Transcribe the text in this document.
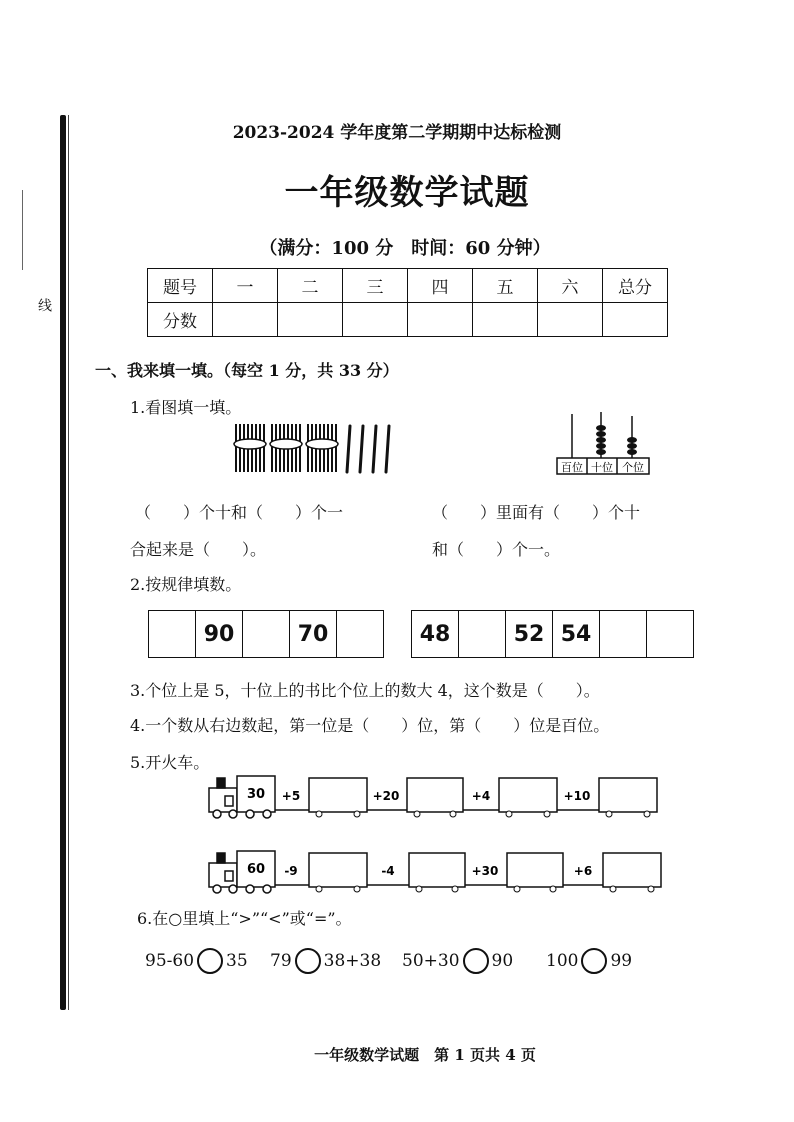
线
2023-2024 学年度第二学期期中达标检测
一年级数学试题
（满分：100 分　时间：60 分钟）
题号	一	二	三	四	五	六	总分
分数							
一、我来填一填。（每空 1 分，共 33 分）
1.看图填一填。
百位 十位 个位
（　　）个十和（　　）个一
合起来是（　　）。
（　　）里面有（　　）个十
和（　　）个一。
2.按规律填数。
90	70	48	52 54
3.个位上是 5，十位上的书比个位上的数大 4，这个数是（　　）。
4.一个数从右边数起，第一位是（　　）位，第（　　）位是百位。
5.开火车。
30 +5	+20	+4	+10
60 -9	-4	+30	+6
6.在○里填上“>”“<”或“=”。
95-60 35 79 38+38 50+30 90 100 99
一年级数学试题　第 1 页共 4 页
